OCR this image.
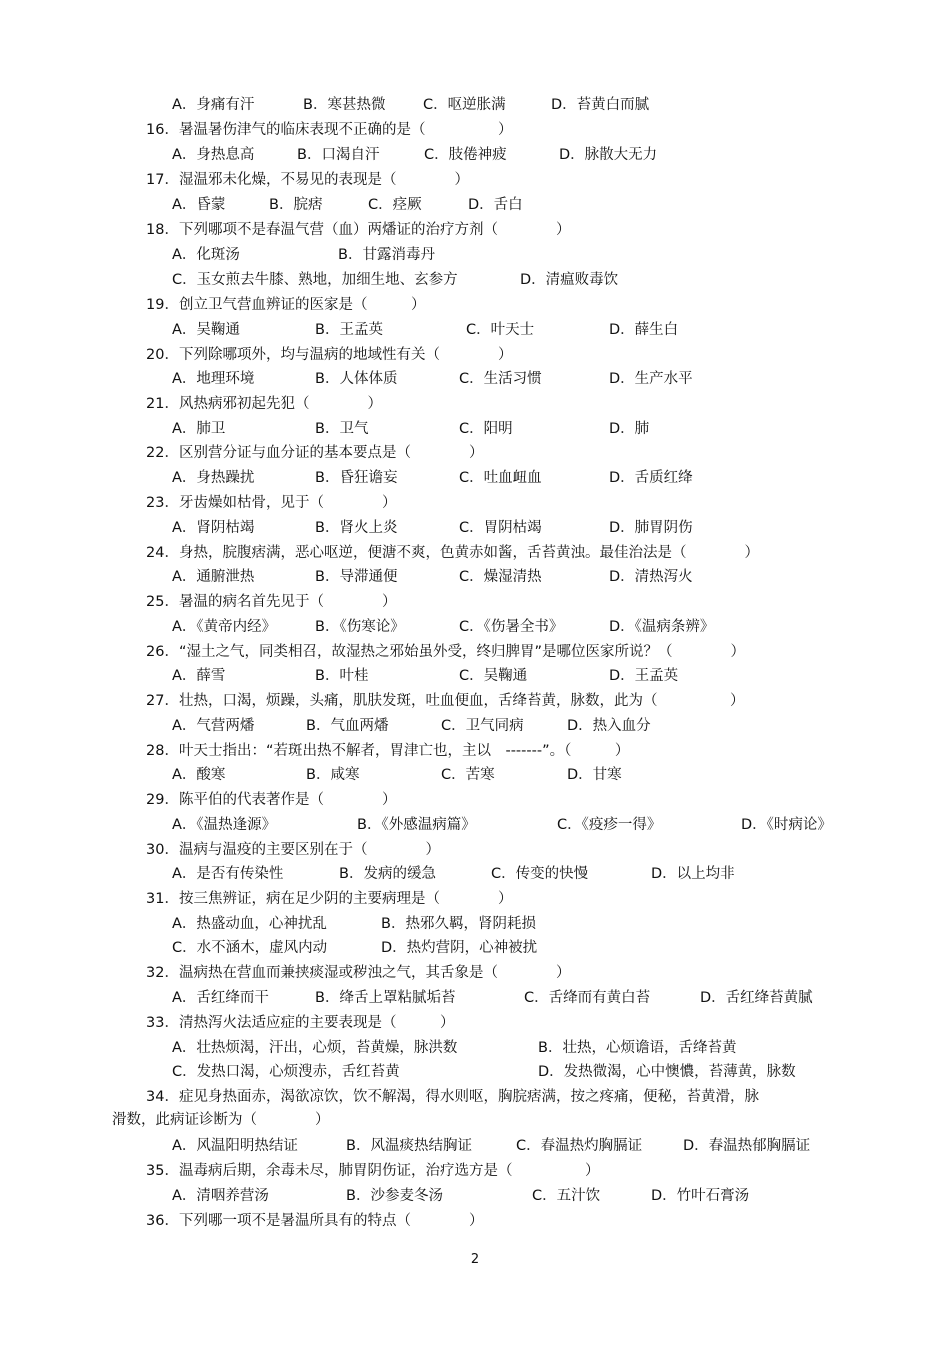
A．身痛有汗	B．寒甚热微	C．呕逆胀满	D．苔黄白而腻
16．暑温暑伤津气的临床表现不正确的是（　　　　　）
A．身热息高	B．口渴自汗	C．肢倦神疲	D．脉散大无力
17．湿温邪未化燥，不易见的表现是（　　　　）
A．昏蒙	B．脘痞	C．痉厥	D．舌白
18．下列哪项不是春温气营（血）两燔证的治疗方剂（　　　　）
A．化斑汤	B．甘露消毒丹
C．玉女煎去牛膝、熟地，加细生地、玄参方	D．清瘟败毒饮
19．创立卫气营血辨证的医家是（　　　）
A．吴鞠通	B．王孟英	C．叶天士	D．薛生白
20．下列除哪项外，均与温病的地域性有关（　　　　）
A．地理环境	B．人体体质	C．生活习惯	D．生产水平
21．风热病邪初起先犯（　　　　）
A．肺卫	B．卫气	C．阳明	D．肺
22．区别营分证与血分证的基本要点是（　　　　）
A．身热躁扰	B．昏狂谵妄	C．吐血衄血	D．舌质红绛
23．牙齿燥如枯骨，见于（　　　　）
A．肾阴枯竭	B．肾火上炎	C．胃阴枯竭	D．肺胃阴伤
24．身热，脘腹痞满，恶心呕逆，便溏不爽，色黄赤如酱，舌苔黄浊。最佳治法是（　　　　）
A．通腑泄热	B．导滞通便	C．燥湿清热	D．清热泻火
25．暑温的病名首先见于（　　　　）
A．《黄帝内经》	B．《伤寒论》	C．《伤暑全书》	D．《温病条辨》
26．“湿土之气，同类相召，故湿热之邪始虽外受，终归脾胃”是哪位医家所说？（　　　　）
A．薛雪	B．叶桂	C．吴鞠通	D．王孟英
27．壮热，口渴，烦躁，头痛，肌肤发斑，吐血便血，舌绛苔黄，脉数，此为（　　　　　）
A．气营两燔	B．气血两燔	C．卫气同病	D．热入血分
28．叶天士指出：“若斑出热不解者，胃津亡也，主以　-------”。（　　　）
A．酸寒	B．咸寒	C．苦寒	D．甘寒
29．陈平伯的代表著作是（　　　　）
A．《温热逢源》	B．《外感温病篇》	C．《疫疹一得》	D．《时病论》
30．温病与温疫的主要区别在于（　　　　）
A．是否有传染性	B．发病的缓急	C．传变的快慢	D．以上均非
31．按三焦辨证，病在足少阴的主要病理是（　　　　）
A．热盛动血，心神扰乱	B．热邪久羁，肾阴耗损
C．水不涵木，虚风内动	D．热灼营阴，心神被扰
32．温病热在营血而兼挟痰湿或秽浊之气，其舌象是（　　　　）
A．舌红绛而干	B．绛舌上罩粘腻垢苔	C．舌绛而有黄白苔	D．舌红绛苔黄腻
33．清热泻火法适应症的主要表现是（　　　）
A．壮热烦渴，汗出，心烦，苔黄燥，脉洪数	B．壮热，心烦谵语，舌绛苔黄
C．发热口渴，心烦溲赤，舌红苔黄	D．发热微渴，心中懊憹，苔薄黄，脉数
34．症见身热面赤，渴欲凉饮，饮不解渴，得水则呕，胸脘痞满，按之疼痛，便秘，苔黄滑，脉
滑数，此病证诊断为（　　　　）
A．风温阳明热结证	B．风温痰热结胸证	C．春温热灼胸膈证	D．春温热郁胸膈证
35．温毒病后期，余毒未尽，肺胃阴伤证，治疗选方是（　　　　　）
A．清咽养营汤	B．沙参麦冬汤	C．五汁饮	D．竹叶石膏汤
36．下列哪一项不是暑温所具有的特点（　　　　）
2
